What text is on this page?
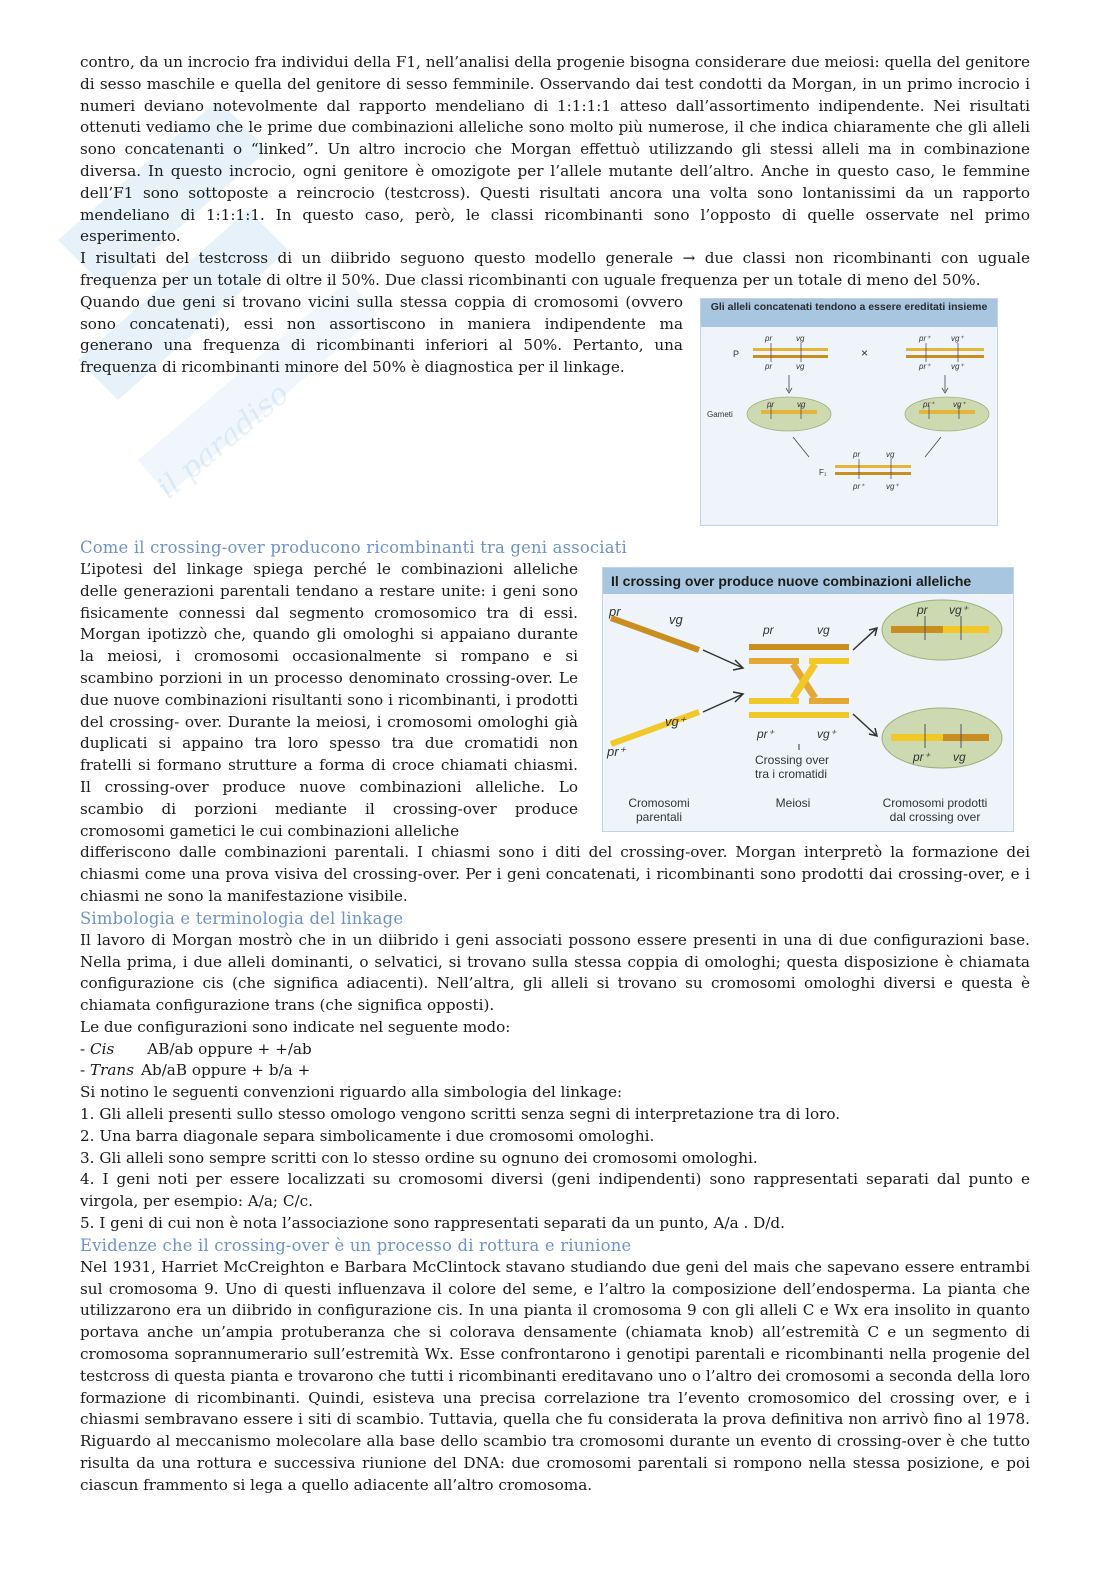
il paradiso

contro, da un incrocio fra individui della F1, nell’analisi della progenie bisogna considerare due meiosi: quella del genitore di sesso maschile e quella del genitore di sesso femminile. Osservando dai test condotti da Morgan, in un primo incrocio i numeri deviano notevolmente dal rapporto mendeliano di 1:1:1:1 atteso dall’assortimento indipendente. Nei risultati ottenuti vediamo che le prime due combinazioni alleliche sono molto più numerose, il che indica chiaramente che gli alleli sono concatenanti o “linked”. Un altro incrocio che Morgan effettuò utilizzando gli stessi alleli ma in combinazione diversa. In questo incrocio, ogni genitore è omozigote per l’allele mutante dell’altro. Anche in questo caso, le femmine dell’F1 sono sottoposte a reincrocio (testcross). Questi risultati ancora una volta sono lontanissimi da un rapporto mendeliano di 1:1:1:1. In questo caso, però, le classi ricombinanti sono l’opposto di quelle osservate nel primo esperimento.

I risultati del testcross di un diibrido seguono questo modello generale → due classi non ricombinanti con uguale frequenza per un totale di oltre il 50%. Due classi ricombinanti con uguale frequenza per un totale di meno del 50%.

Quando due geni si trovano vicini sulla stessa coppia di cromosomi (ovvero sono concatenati), essi non assortiscono in maniera indipendente ma generano una frequenza di ricombinanti inferiori al 50%. Pertanto, una frequenza di ricombinanti minore del 50% è diagnostica per il linkage.

Come il crossing-over producono ricombinanti tra geni associati

L’ipotesi del linkage spiega perché le combinazioni alleliche delle generazioni parentali tendano a restare unite: i geni sono fisicamente connessi dal segmento cromosomico tra di essi. Morgan ipotizzò che, quando gli omologhi si appaiano durante la meiosi, i cromosomi occasionalmente si rompano e si scambino porzioni in un processo denominato crossing-over. Le due nuove combinazioni risultanti sono i ricombinanti, i prodotti del crossing- over. Durante la meiosi, i cromosomi omologhi già duplicati si appaino tra loro spesso tra due cromatidi non fratelli si formano strutture a forma di croce chiamati chiasmi. Il crossing-over produce nuove combinazioni alleliche. Lo scambio di porzioni mediante il crossing-over produce cromosomi gametici le cui combinazioni alleliche

differiscono dalle combinazioni parentali. I chiasmi sono i diti del crossing-over. Morgan interpretò la formazione dei chiasmi come una prova visiva del crossing-over. Per i geni concatenati, i ricombinanti sono prodotti dai crossing-over, e i chiasmi ne sono la manifestazione visibile.

Simbologia e terminologia del linkage

Il lavoro di Morgan mostrò che in un diibrido i geni associati possono essere presenti in una di due configurazioni base. Nella prima, i due alleli dominanti, o selvatici, si trovano sulla stessa coppia di omologhi; questa disposizione è chiamata configurazione cis (che significa adiacenti). Nell’altra, gli alleli si trovano su cromosomi omologhi diversi e questa è chiamata configurazione trans (che significa opposti).

Le due configurazioni sono indicate nel seguente modo:

- Cis AB/ab oppure + +/ab

- Trans Ab/aB oppure + b/a +

Si notino le seguenti convenzioni riguardo alla simbologia del linkage:

1. Gli alleli presenti sullo stesso omologo vengono scritti senza segni di interpretazione tra di loro.

2. Una barra diagonale separa simbolicamente i due cromosomi omologhi.

3. Gli alleli sono sempre scritti con lo stesso ordine su ognuno dei cromosomi omologhi.

4. I geni noti per essere localizzati su cromosomi diversi (geni indipendenti) sono rappresentati separati dal punto e virgola, per esempio: A/a; C/c.

5. I geni di cui non è nota l’associazione sono rappresentati separati da un punto, A/a . D/d.

Evidenze che il crossing-over è un processo di rottura e riunione

Nel 1931, Harriet McCreighton e Barbara McClintock stavano studiando due geni del mais che sapevano essere entrambi sul cromosoma 9. Uno di questi influenzava il colore del seme, e l’altro la composizione dell’endosperma. La pianta che utilizzarono era un diibrido in configurazione cis. In una pianta il cromosoma 9 con gli alleli C e Wx era insolito in quanto portava anche un’ampia protuberanza che si colorava densamente (chiamata knob) all’estremità C e un segmento di cromosoma soprannumerario sull’estremità Wx. Esse confrontarono i genotipi parentali e ricombinanti nella progenie del testcross di questa pianta e trovarono che tutti i ricombinanti ereditavano uno o l’altro dei cromosomi a seconda della loro formazione di ricombinanti. Quindi, esisteva una precisa correlazione tra l’evento cromosomico del crossing over, e i chiasmi sembravano essere i siti di scambio. Tuttavia, quella che fu considerata la prova definitiva non arrivò fino al 1978. Riguardo al meccanismo molecolare alla base dello scambio tra cromosomi durante un evento di crossing-over è che tutto risulta da una rottura e successiva riunione del DNA: due cromosomi parentali si rompono nella stessa posizione, e poi ciascun frammento si lega a quello adiacente all’altro cromosoma.

Gli alleli concatenati tendono a essere ereditati insieme
P	×
pr	vg
pr	vg
pr⁺	vg⁺
pr⁺	vg⁺
Gameti
pr	vg	pr⁺ vg⁺
F₁
pr	vg
pr⁺	vg⁺
Il crossing over produce nuove combinazioni alleliche
pr
vg
pr⁺
vg⁺
pr	vg
pr⁺	vg⁺
Crossing over
tra i cromatidi
pr vg⁺
pr⁺ vg
Cromosomi
parentali
Meiosi	Cromosomi prodotti
dal crossing over
